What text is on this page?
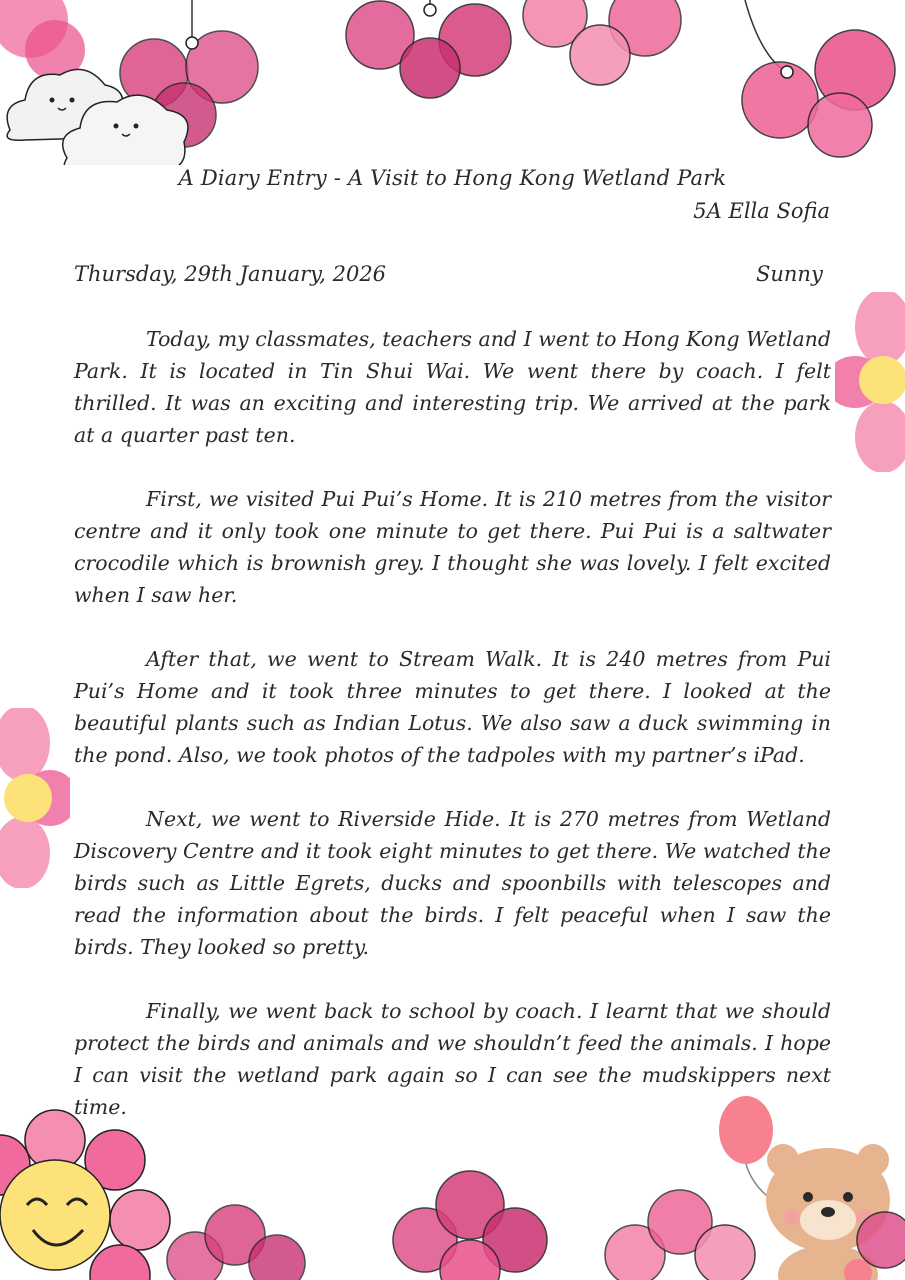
A Diary Entry - A Visit to Hong Kong Wetland Park
5A Ella Sofia
Thursday, 29th January, 2026	Sunny

Today, my classmates, teachers and I went to Hong Kong Wetland Park. It is located in Tin Shui Wai. We went there by coach. I felt thrilled. It was an exciting and interesting trip. We arrived at the park at a quarter past ten.

First, we visited Pui Pui’s Home. It is 210 metres from the visitor centre and it only took one minute to get there. Pui Pui is a saltwater crocodile which is brownish grey. I thought she was lovely. I felt excited when I saw her.

After that, we went to Stream Walk. It is 240 metres from Pui Pui’s Home and it took three minutes to get there. I looked at the beautiful plants such as Indian Lotus. We also saw a duck swimming in the pond. Also, we took photos of the tadpoles with my partner’s iPad.

Next, we went to Riverside Hide. It is 270 metres from Wetland Discovery Centre and it took eight minutes to get there. We watched the birds such as Little Egrets, ducks and spoonbills with telescopes and read the information about the birds. I felt peaceful when I saw the birds. They looked so pretty.

Finally, we went back to school by coach. I learnt that we should protect the birds and animals and we shouldn’t feed the animals. I hope I can visit the wetland park again so I can see the mudskippers next time.
